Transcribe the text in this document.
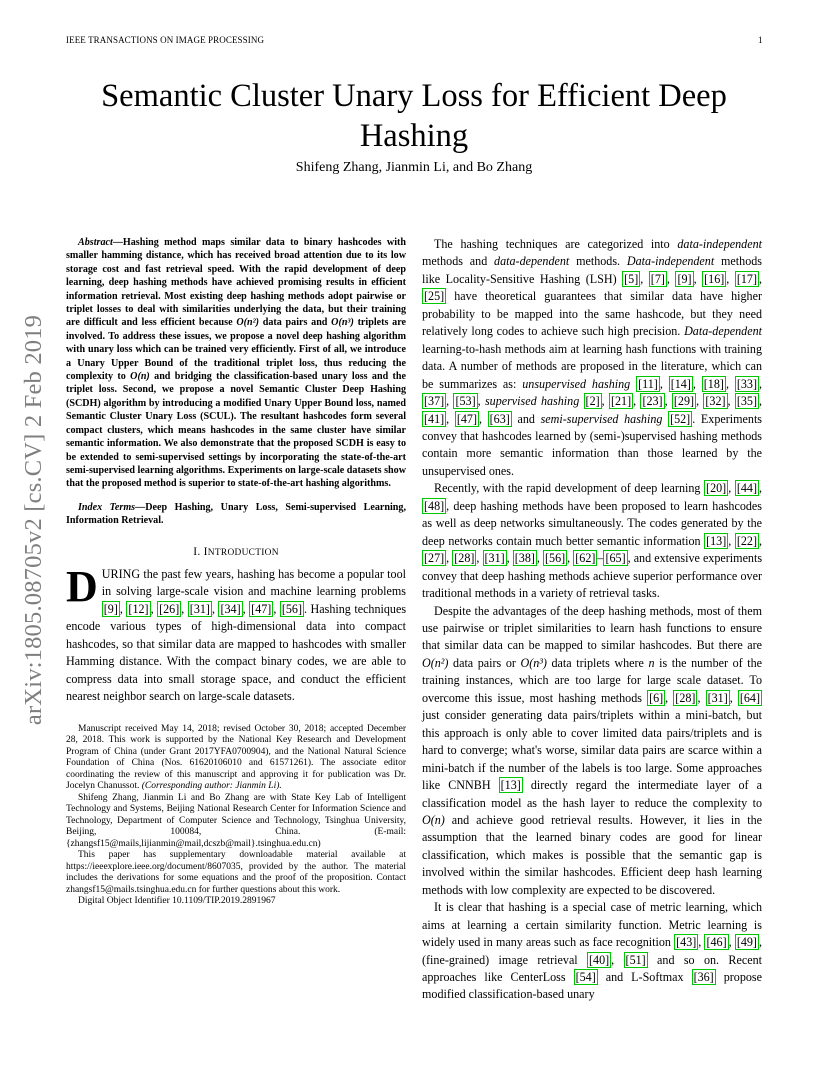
IEEE TRANSACTIONS ON IMAGE PROCESSING	1
arXiv:1805.08705v2 [cs.CV] 2 Feb 2019
Semantic Cluster Unary Loss for Efficient Deep Hashing
Shifeng Zhang, Jianmin Li, and Bo Zhang

Abstract—Hashing method maps similar data to binary hashcodes with smaller hamming distance, which has received broad attention due to its low storage cost and fast retrieval speed. With the rapid development of deep learning, deep hashing methods have achieved promising results in efficient information retrieval. Most existing deep hashing methods adopt pairwise or triplet losses to deal with similarities underlying the data, but their training are difficult and less efficient because O(n²) data pairs and O(n³) triplets are involved. To address these issues, we propose a novel deep hashing algorithm with unary loss which can be trained very efficiently. First of all, we introduce a Unary Upper Bound of the traditional triplet loss, thus reducing the complexity to O(n) and bridging the classification-based unary loss and the triplet loss. Second, we propose a novel Semantic Cluster Deep Hashing (SCDH) algorithm by introducing a modified Unary Upper Bound loss, named Semantic Cluster Unary Loss (SCUL). The resultant hashcodes form several compact clusters, which means hashcodes in the same cluster have similar semantic information. We also demonstrate that the proposed SCDH is easy to be extended to semi-supervised settings by incorporating the state-of-the-art semi-supervised learning algorithms. Experiments on large-scale datasets show that the proposed method is superior to state-of-the-art hashing algorithms.

Index Terms—Deep Hashing, Unary Loss, Semi-supervised Learning, Information Retrieval.

I. INTRODUCTION

DURING the past few years, hashing has become a popular tool in solving large-scale vision and machine learning problems [9] , [12] , [26] , [31] , [34] , [47] , [56] . Hashing techniques encode various types of high-dimensional data into compact hashcodes, so that similar data are mapped to hashcodes with smaller Hamming distance. With the compact binary codes, we are able to compress data into small storage space, and conduct the efficient nearest neighbor search on large-scale datasets.

Manuscript received May 14, 2018; revised October 30, 2018; accepted December 28, 2018. This work is supported by the National Key Research and Development Program of China (under Grant 2017YFA0700904), and the National Natural Science Foundation of China (Nos. 61620106010 and 61571261). The associate editor coordinating the review of this manuscript and approving it for publication was Dr. Jocelyn Chanussot. (Corresponding author: Jianmin Li).

Shifeng Zhang, Jianmin Li and Bo Zhang are with State Key Lab of Intelligent Technology and Systems, Beijing National Research Center for Information Science and Technology, Department of Computer Science and Technology, Tsinghua University, Beijing, 100084, China. (E-mail: {zhangsf15@mails,lijianmin@mail,dcszb@mail}.tsinghua.edu.cn)

This paper has supplementary downloadable material available at https://ieeexplore.ieee.org/document/8607035, provided by the author. The material includes the derivations for some equations and the proof of the proposition. Contact zhangsf15@mails.tsinghua.edu.cn for further questions about this work.

Digital Object Identifier 10.1109/TIP.2019.2891967

The hashing techniques are categorized into data-independent methods and data-dependent methods. Data-independent methods like Locality-Sensitive Hashing (LSH) [5] , [7] , [9] , [16] , [17] , [25] have theoretical guarantees that similar data have higher probability to be mapped into the same hashcode, but they need relatively long codes to achieve such high precision. Data-dependent learning-to-hash methods aim at learning hash functions with training data. A number of methods are proposed in the literature, which can be summarizes as: unsupervised hashing [11] , [14] , [18] , [33] , [37] , [53] , supervised hashing [2] , [21] , [23] , [29] , [32] , [35] , [41] , [47] , [63] and semi-supervised hashing [52] . Experiments convey that hashcodes learned by (semi-)supervised hashing methods contain more semantic information than those learned by the unsupervised ones.

Recently, with the rapid development of deep learning [20] , [44] , [48] , deep hashing methods have been proposed to learn hashcodes as well as deep networks simultaneously. The codes generated by the deep networks contain much better semantic information [13] , [22] , [27] , [28] , [31] , [38] , [56] , [62] – [65] , and extensive experiments convey that deep hashing methods achieve superior performance over traditional methods in a variety of retrieval tasks.

Despite the advantages of the deep hashing methods, most of them use pairwise or triplet similarities to learn hash functions to ensure that similar data can be mapped to similar hashcodes. But there are O(n²) data pairs or O(n³) data triplets where n is the number of the training instances, which are too large for large scale dataset. To overcome this issue, most hashing methods [6] , [28] , [31] , [64] just consider generating data pairs/triplets within a mini-batch, but this approach is only able to cover limited data pairs/triplets and is hard to converge; what's worse, similar data pairs are scarce within a mini-batch if the number of the labels is too large. Some approaches like CNNBH [13] directly regard the intermediate layer of a classification model as the hash layer to reduce the complexity to O(n) and achieve good retrieval results. However, it lies in the assumption that the learned binary codes are good for linear classification, which makes is possible that the semantic gap is involved within the similar hashcodes. Efficient deep hash learning methods with low complexity are expected to be discovered.

It is clear that hashing is a special case of metric learning, which aims at learning a certain similarity function. Metric learning is widely used in many areas such as face recognition [43] , [46] , [49] , (fine-grained) image retrieval [40] , [51] and so on. Recent approaches like CenterLoss [54] and L-Softmax [36] propose modified classification-based unary
